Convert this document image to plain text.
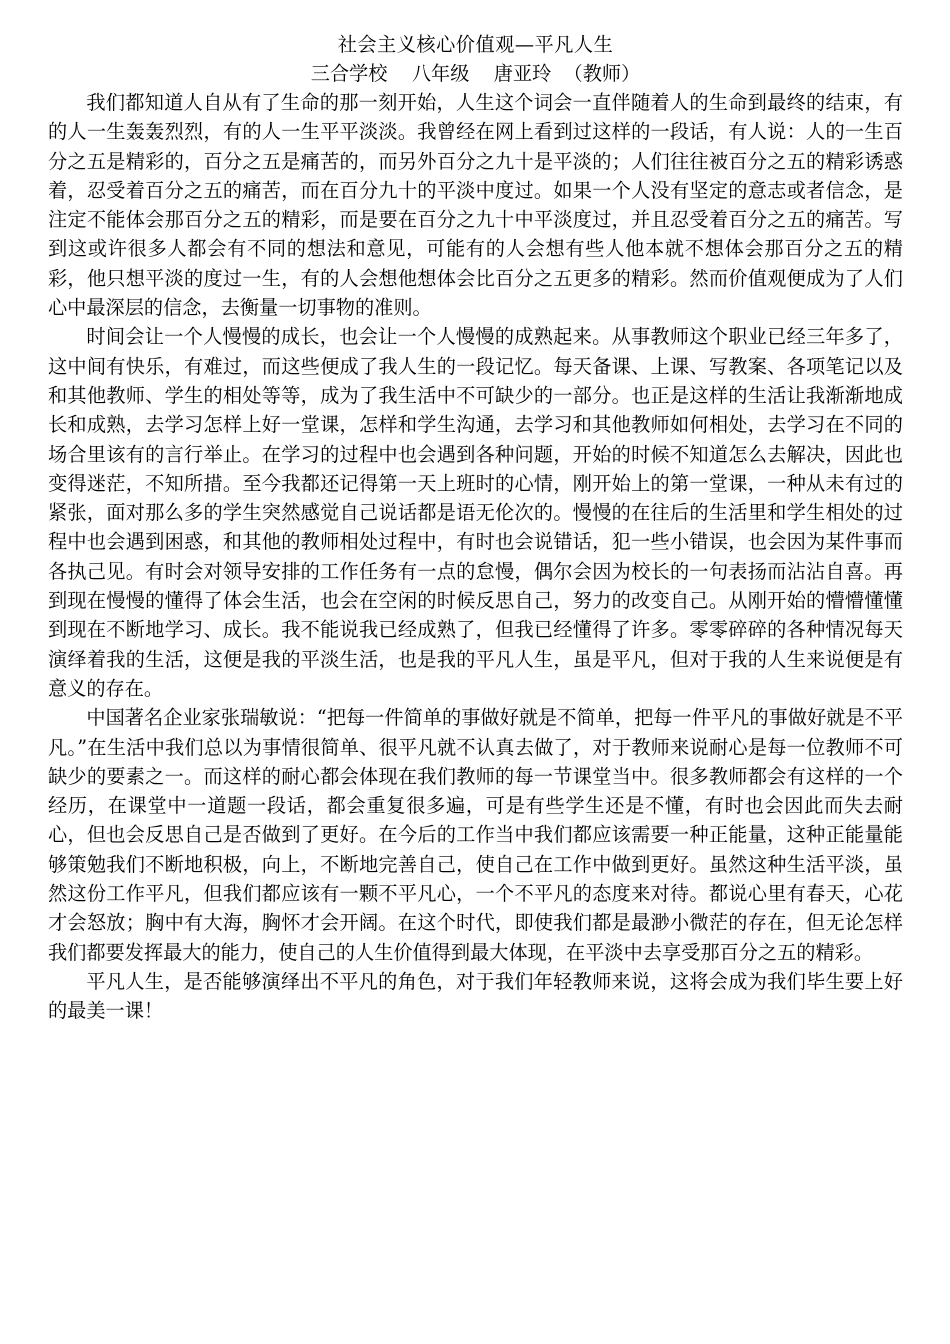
社会主义核心价值观—平凡人生

三合学校    八年级    唐亚玲  （教师）

我们都知道人自从有了生命的那一刻开始，人生这个词会一直伴随着人的生命到最终的结束，有的人一生轰轰烈烈，有的人一生平平淡淡。我曾经在网上看到过这样的一段话，有人说：人的一生百分之五是精彩的，百分之五是痛苦的，而另外百分之九十是平淡的；人们往往被百分之五的精彩诱惑着，忍受着百分之五的痛苦，而在百分九十的平淡中度过。如果一个人没有坚定的意志或者信念，是注定不能体会那百分之五的精彩，而是要在百分之九十中平淡度过，并且忍受着百分之五的痛苦。写到这或许很多人都会有不同的想法和意见，可能有的人会想有些人他本就不想体会那百分之五的精彩，他只想平淡的度过一生，有的人会想他想体会比百分之五更多的精彩。然而价值观便成为了人们心中最深层的信念，去衡量一切事物的准则。

时间会让一个人慢慢的成长，也会让一个人慢慢的成熟起来。从事教师这个职业已经三年多了，这中间有快乐，有难过，而这些便成了我人生的一段记忆。每天备课、上课、写教案、各项笔记以及和其他教师、学生的相处等等，成为了我生活中不可缺少的一部分。也正是这样的生活让我渐渐地成长和成熟，去学习怎样上好一堂课，怎样和学生沟通，去学习和其他教师如何相处，去学习在不同的场合里该有的言行举止。在学习的过程中也会遇到各种问题，开始的时候不知道怎么去解决，因此也变得迷茫，不知所措。至今我都还记得第一天上班时的心情，刚开始上的第一堂课，一种从未有过的紧张，面对那么多的学生突然感觉自己说话都是语无伦次的。慢慢的在往后的生活里和学生相处的过程中也会遇到困惑，和其他的教师相处过程中，有时也会说错话，犯一些小错误，也会因为某件事而各执己见。有时会对领导安排的工作任务有一点的怠慢，偶尔会因为校长的一句表扬而沾沾自喜。再到现在慢慢的懂得了体会生活，也会在空闲的时候反思自己，努力的改变自己。从刚开始的懵懵懂懂到现在不断地学习、成长。我不能说我已经成熟了，但我已经懂得了许多。零零碎碎的各种情况每天演绎着我的生活，这便是我的平淡生活，也是我的平凡人生，虽是平凡，但对于我的人生来说便是有意义的存在。

中国著名企业家张瑞敏说：“把每一件简单的事做好就是不简单，把每一件平凡的事做好就是不平凡。”在生活中我们总以为事情很简单、很平凡就不认真去做了，对于教师来说耐心是每一位教师不可缺少的要素之一。而这样的耐心都会体现在我们教师的每一节课堂当中。很多教师都会有这样的一个经历，在课堂中一道题一段话，都会重复很多遍，可是有些学生还是不懂，有时也会因此而失去耐心，但也会反思自己是否做到了更好。在今后的工作当中我们都应该需要一种正能量，这种正能量能够策勉我们不断地积极，向上，不断地完善自己，使自己在工作中做到更好。虽然这种生活平淡，虽然这份工作平凡，但我们都应该有一颗不平凡心，一个不平凡的态度来对待。都说心里有春天，心花才会怒放；胸中有大海，胸怀才会开阔。在这个时代，即使我们都是最渺小微茫的存在，但无论怎样我们都要发挥最大的能力，使自己的人生价值得到最大体现，在平淡中去享受那百分之五的精彩。

平凡人生，是否能够演绎出不平凡的角色，对于我们年轻教师来说，这将会成为我们毕生要上好的最美一课！
